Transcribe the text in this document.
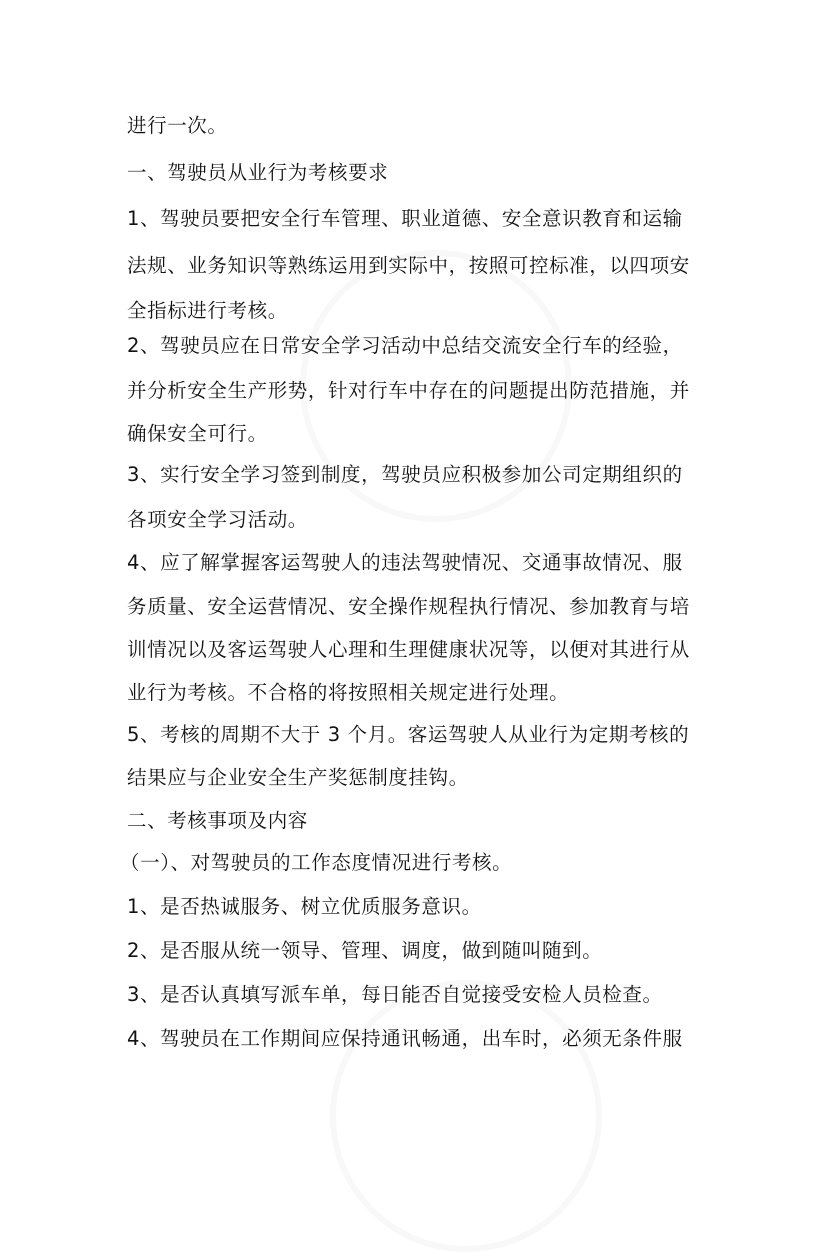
进行一次。
一、驾驶员从业行为考核要求
1、驾驶员要把安全行车管理、职业道德、安全意识教育和运输
法规、业务知识等熟练运用到实际中，按照可控标准，以四项安
全指标进行考核。
2、驾驶员应在日常安全学习活动中总结交流安全行车的经验，
并分析安全生产形势，针对行车中存在的问题提出防范措施，并
确保安全可行。
3、实行安全学习签到制度，驾驶员应积极参加公司定期组织的
各项安全学习活动。
4、应了解掌握客运驾驶人的违法驾驶情况、交通事故情况、服
务质量、安全运营情况、安全操作规程执行情况、参加教育与培
训情况以及客运驾驶人心理和生理健康状况等，以便对其进行从
业行为考核。不合格的将按照相关规定进行处理。
5、考核的周期不大于 3 个月。客运驾驶人从业行为定期考核的
结果应与企业安全生产奖惩制度挂钩。
二、考核事项及内容
（一）、对驾驶员的工作态度情况进行考核。
1、是否热诚服务、树立优质服务意识。
2、是否服从统一领导、管理、调度，做到随叫随到。
3、是否认真填写派车单，每日能否自觉接受安检人员检查。
4、驾驶员在工作期间应保持通讯畅通，出车时，必须无条件服
